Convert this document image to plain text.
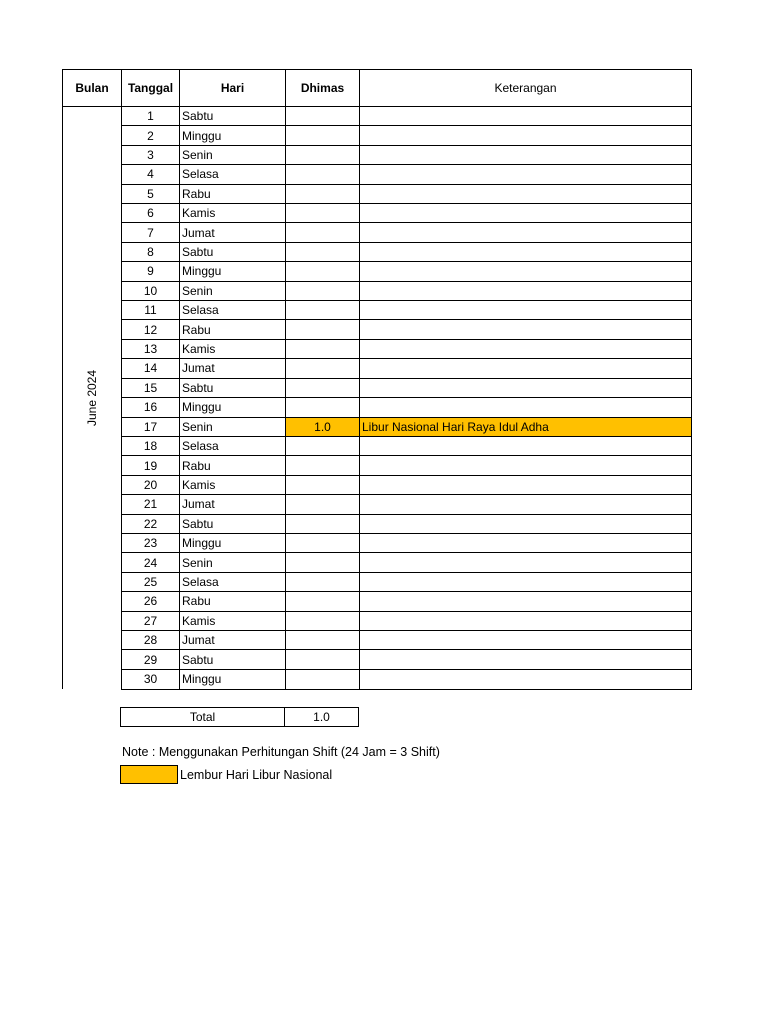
Bulan	Tanggal	Hari	Dhimas	Keterangan

June 2024	1	Sabtu		
	2	Minggu		
	3	Senin		
	4	Selasa		
	5	Rabu		
	6	Kamis		
	7	Jumat		
	8	Sabtu		
	9	Minggu		
	10	Senin		
	11	Selasa		
	12	Rabu		
	13	Kamis		
	14	Jumat		
	15	Sabtu		
	16	Minggu		
	17	Senin	1.0	Libur Nasional Hari Raya Idul Adha
	18	Selasa		
	19	Rabu		
	20	Kamis		
	21	Jumat		
	22	Sabtu		
	23	Minggu		
	24	Senin		
	25	Selasa		
	26	Rabu		
	27	Kamis		
	28	Jumat		
	29	Sabtu		
	30	Minggu		
Total	1.0
Note : Menggunakan Perhitungan Shift (24 Jam = 3 Shift)
Lembur Hari Libur Nasional
